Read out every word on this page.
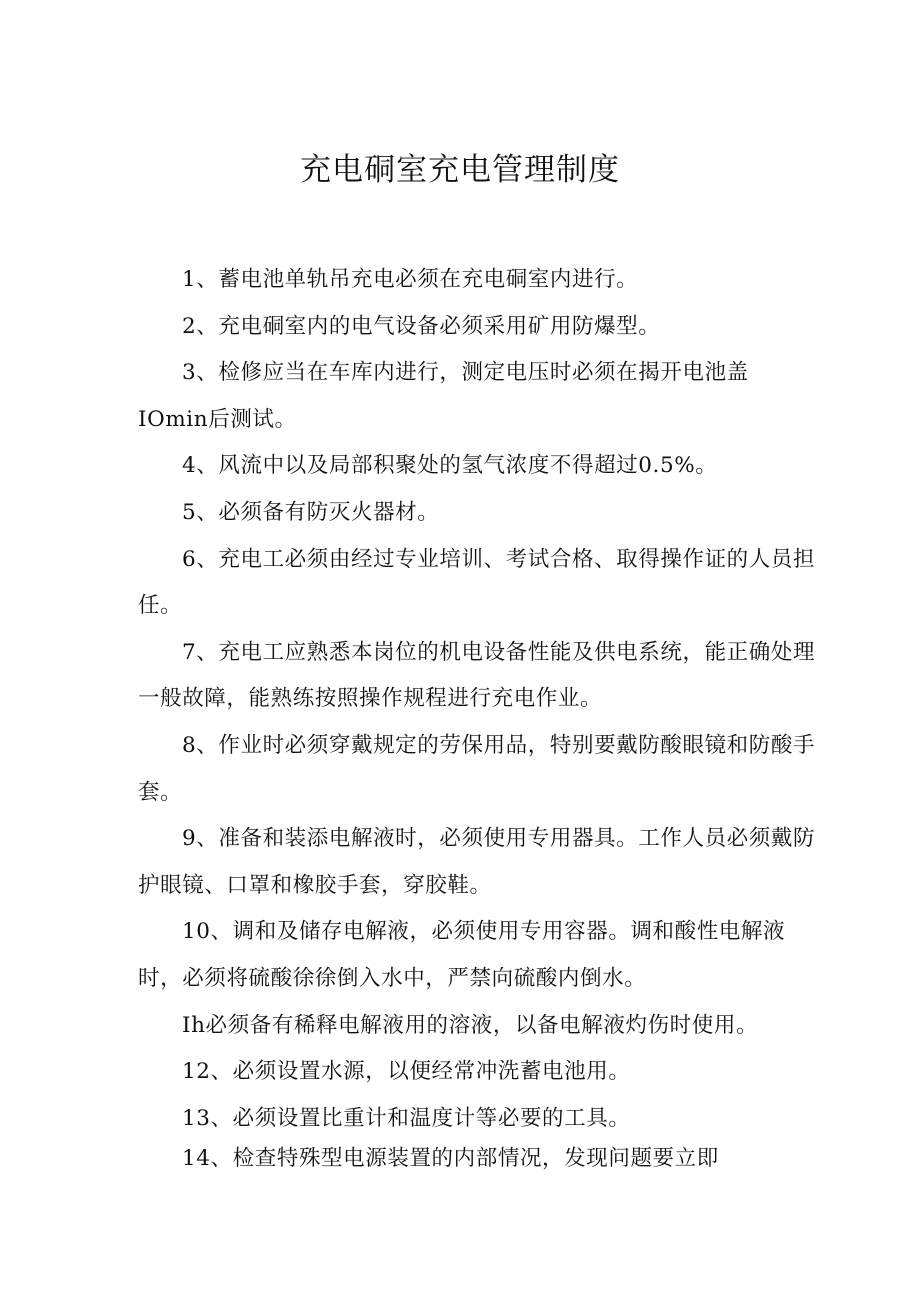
充电硐室充电管理制度

1、蓄电池单轨吊充电必须在充电硐室内进行。

2、充电硐室内的电气设备必须采用矿用防爆型。

3、检修应当在车库内进行，测定电压时必须在揭开电池盖IOmin后测试。

4、风流中以及局部积聚处的氢气浓度不得超过0.5%。

5、必须备有防灭火器材。

6、充电工必须由经过专业培训、考试合格、取得操作证的人员担任。

7、充电工应熟悉本岗位的机电设备性能及供电系统，能正确处理一般故障，能熟练按照操作规程进行充电作业。

8、作业时必须穿戴规定的劳保用品，特别要戴防酸眼镜和防酸手套。

9、准备和装添电解液时，必须使用专用器具。工作人员必须戴防护眼镜、口罩和橡胶手套，穿胶鞋。

10、调和及储存电解液，必须使用专用容器。调和酸性电解液时，必须将硫酸徐徐倒入水中，严禁向硫酸内倒水。

Ih必须备有稀释电解液用的溶液，以备电解液灼伤时使用。

12、必须设置水源，以便经常冲洗蓄电池用。

13、必须设置比重计和温度计等必要的工具。

14、检查特殊型电源装置的内部情况，发现问题要立即
